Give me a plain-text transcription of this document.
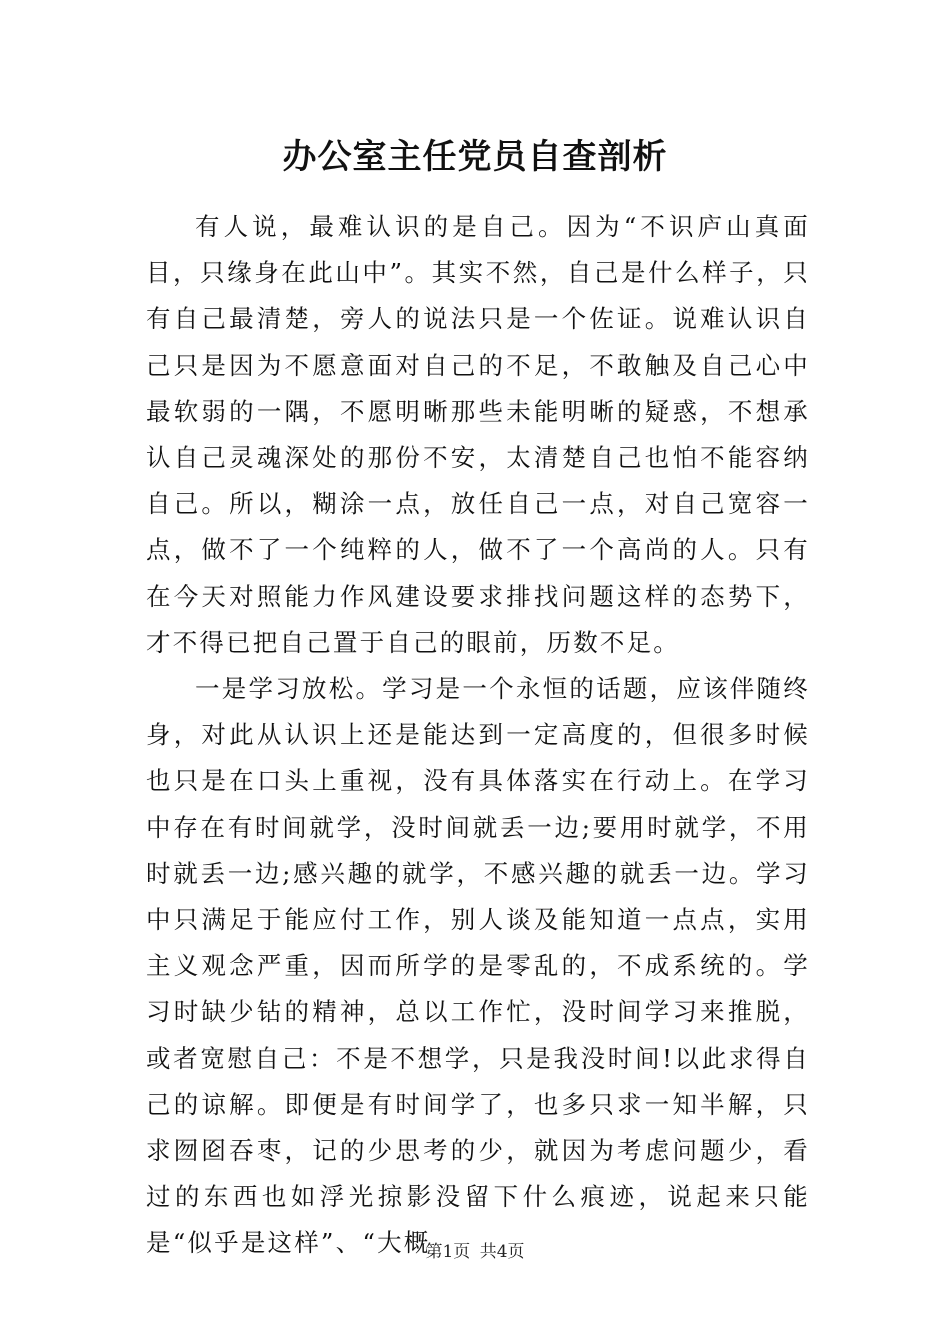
办公室主任党员自查剖析

有人说，最难认识的是自己。因为“不识庐山真面目，只缘身在此山中”。其实不然，自己是什么样子，只有自己最清楚，旁人的说法只是一个佐证。说难认识自己只是因为不愿意面对自己的不足，不敢触及自己心中最软弱的一隅，不愿明晰那些未能明晰的疑惑，不想承认自己灵魂深处的那份不安，太清楚自己也怕不能容纳自己。所以，糊涂一点，放任自己一点，对自己宽容一点，做不了一个纯粹的人，做不了一个高尚的人。只有在今天对照能力作风建设要求排找问题这样的态势下，才不得已把自己置于自己的眼前，历数不足。

一是学习放松。学习是一个永恒的话题，应该伴随终身，对此从认识上还是能达到一定高度的，但很多时候也只是在口头上重视，没有具体落实在行动上。在学习中存在有时间就学，没时间就丢一边;要用时就学，不用时就丢一边;感兴趣的就学，不感兴趣的就丢一边。学习中只满足于能应付工作，别人谈及能知道一点点，实用主义观念严重，因而所学的是零乱的，不成系统的。学习时缺少钻的精神，总以工作忙，没时间学习来推脱，或者宽慰自己：不是不想学，只是我没时间!以此求得自己的谅解。即便是有时间学了，也多只求一知半解，只求囫囵吞枣，记的少思考的少，就因为考虑问题少，看过的东西也如浮光掠影没留下什么痕迹，说起来只能是“似乎是这样”、“大概

第1页 共4页
